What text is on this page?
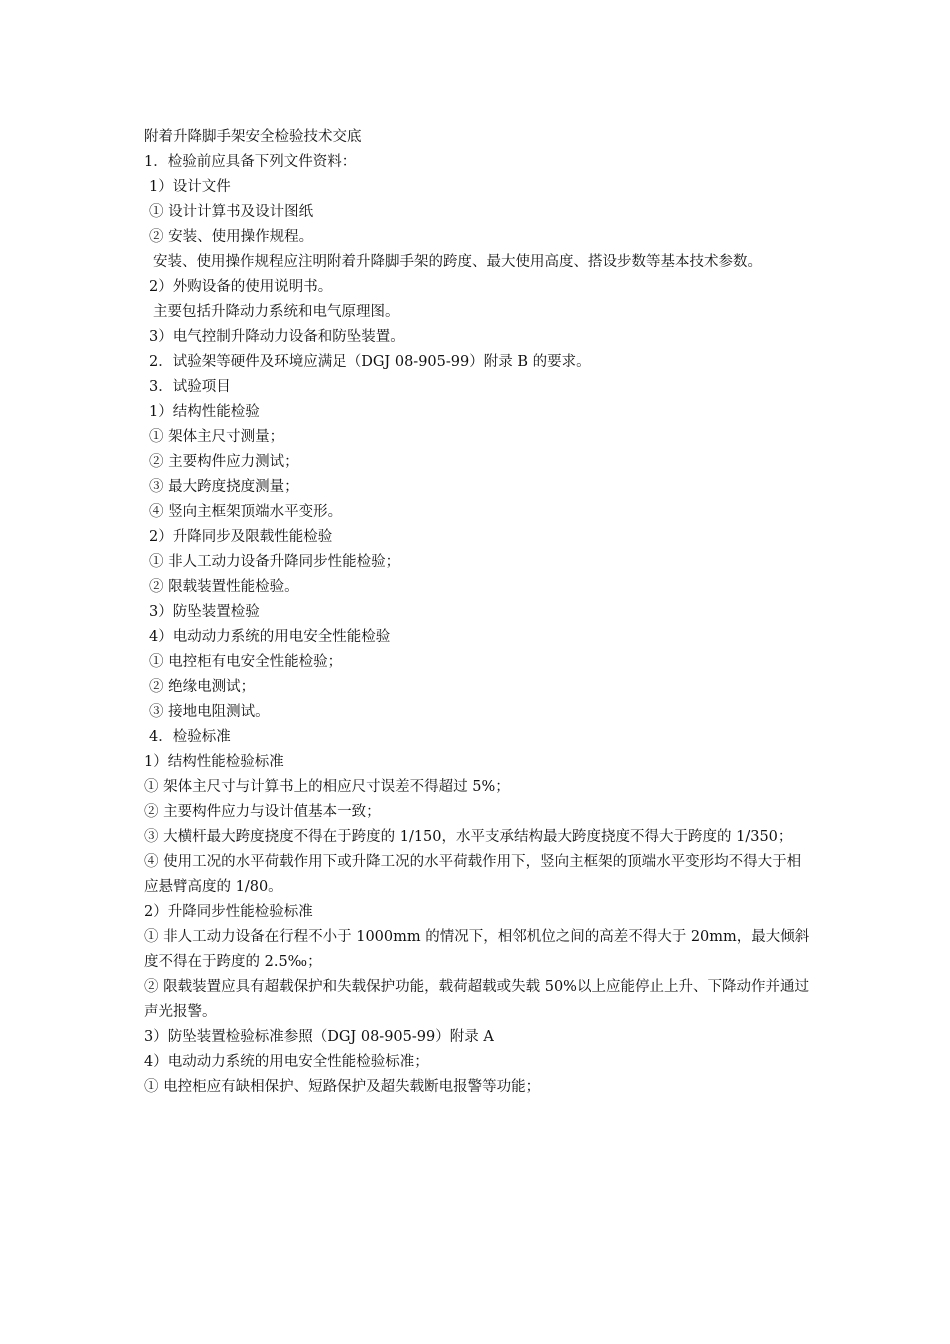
附着升降脚手架安全检验技术交底

1．检验前应具备下列文件资料：

1）设计文件

① 设计计算书及设计图纸

② 安装、使用操作规程。

安装、使用操作规程应注明附着升降脚手架的跨度、最大使用高度、搭设步数等基本技术参数。

2）外购设备的使用说明书。

主要包括升降动力系统和电气原理图。

3）电气控制升降动力设备和防坠装置。

2．试验架等硬件及环境应满足（DGJ 08-905-99）附录 B 的要求。

3．试验项目

1）结构性能检验

① 架体主尺寸测量；

② 主要构件应力测试；

③ 最大跨度挠度测量；

④ 竖向主框架顶端水平变形。

2）升降同步及限载性能检验

① 非人工动力设备升降同步性能检验；

② 限载装置性能检验。

3）防坠装置检验

4）电动动力系统的用电安全性能检验

① 电控柜有电安全性能检验；

② 绝缘电测试；

③ 接地电阻测试。

4．检验标准

1）结构性能检验标准

① 架体主尺寸与计算书上的相应尺寸误差不得超过 5%；

② 主要构件应力与设计值基本一致；

③ 大横杆最大跨度挠度不得在于跨度的 1/150，水平支承结构最大跨度挠度不得大于跨度的 1/350；

④ 使用工况的水平荷载作用下或升降工况的水平荷载作用下，竖向主框架的顶端水平变形均不得大于相应悬臂高度的 1/80。

2）升降同步性能检验标准

① 非人工动力设备在行程不小于 1000mm 的情况下，相邻机位之间的高差不得大于 20mm，最大倾斜度不得在于跨度的 2.5‰；

② 限载装置应具有超载保护和失载保护功能，载荷超载或失载 50%以上应能停止上升、下降动作并通过声光报警。

3）防坠装置检验标准参照（DGJ 08-905-99）附录 A

4）电动动力系统的用电安全性能检验标准；

① 电控柜应有缺相保护、短路保护及超失载断电报警等功能；
